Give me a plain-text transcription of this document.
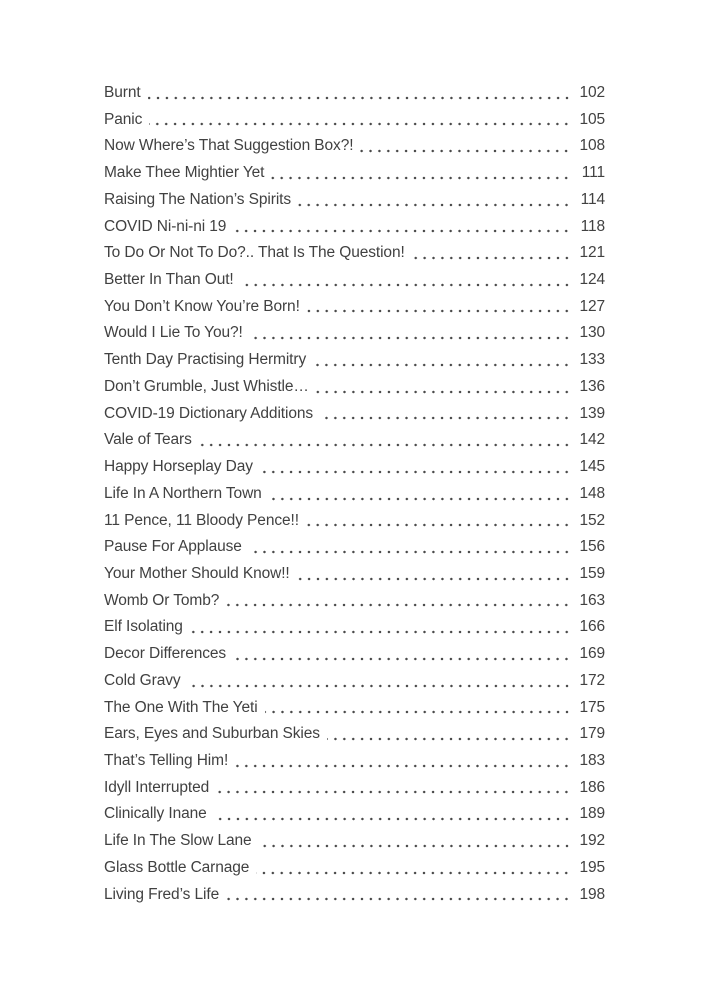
Burnt	102
Panic	105
Now Where’s That Suggestion Box?!	108
Make Thee Mightier Yet	111
Raising The Nation’s Spirits	114
COVID Ni-ni-ni 19	118
To Do Or Not To Do?.. That Is The Question!	121
Better In Than Out!	124
You Don’t Know You’re Born!	127
Would I Lie To You?!	130
Tenth Day Practising Hermitry	133
Don’t Grumble, Just Whistle…	136
COVID-19 Dictionary Additions	139
Vale of Tears	142
Happy Horseplay Day	145
Life In A Northern Town	148
11 Pence, 11 Bloody Pence!!	152
Pause For Applause	156
Your Mother Should Know!!	159
Womb Or Tomb?	163
Elf Isolating	166
Decor Differences	169
Cold Gravy	172
The One With The Yeti	175
Ears, Eyes and Suburban Skies	179
That’s Telling Him!	183
Idyll Interrupted	186
Clinically Inane	189
Life In The Slow Lane	192
Glass Bottle Carnage	195
Living Fred’s Life	198
